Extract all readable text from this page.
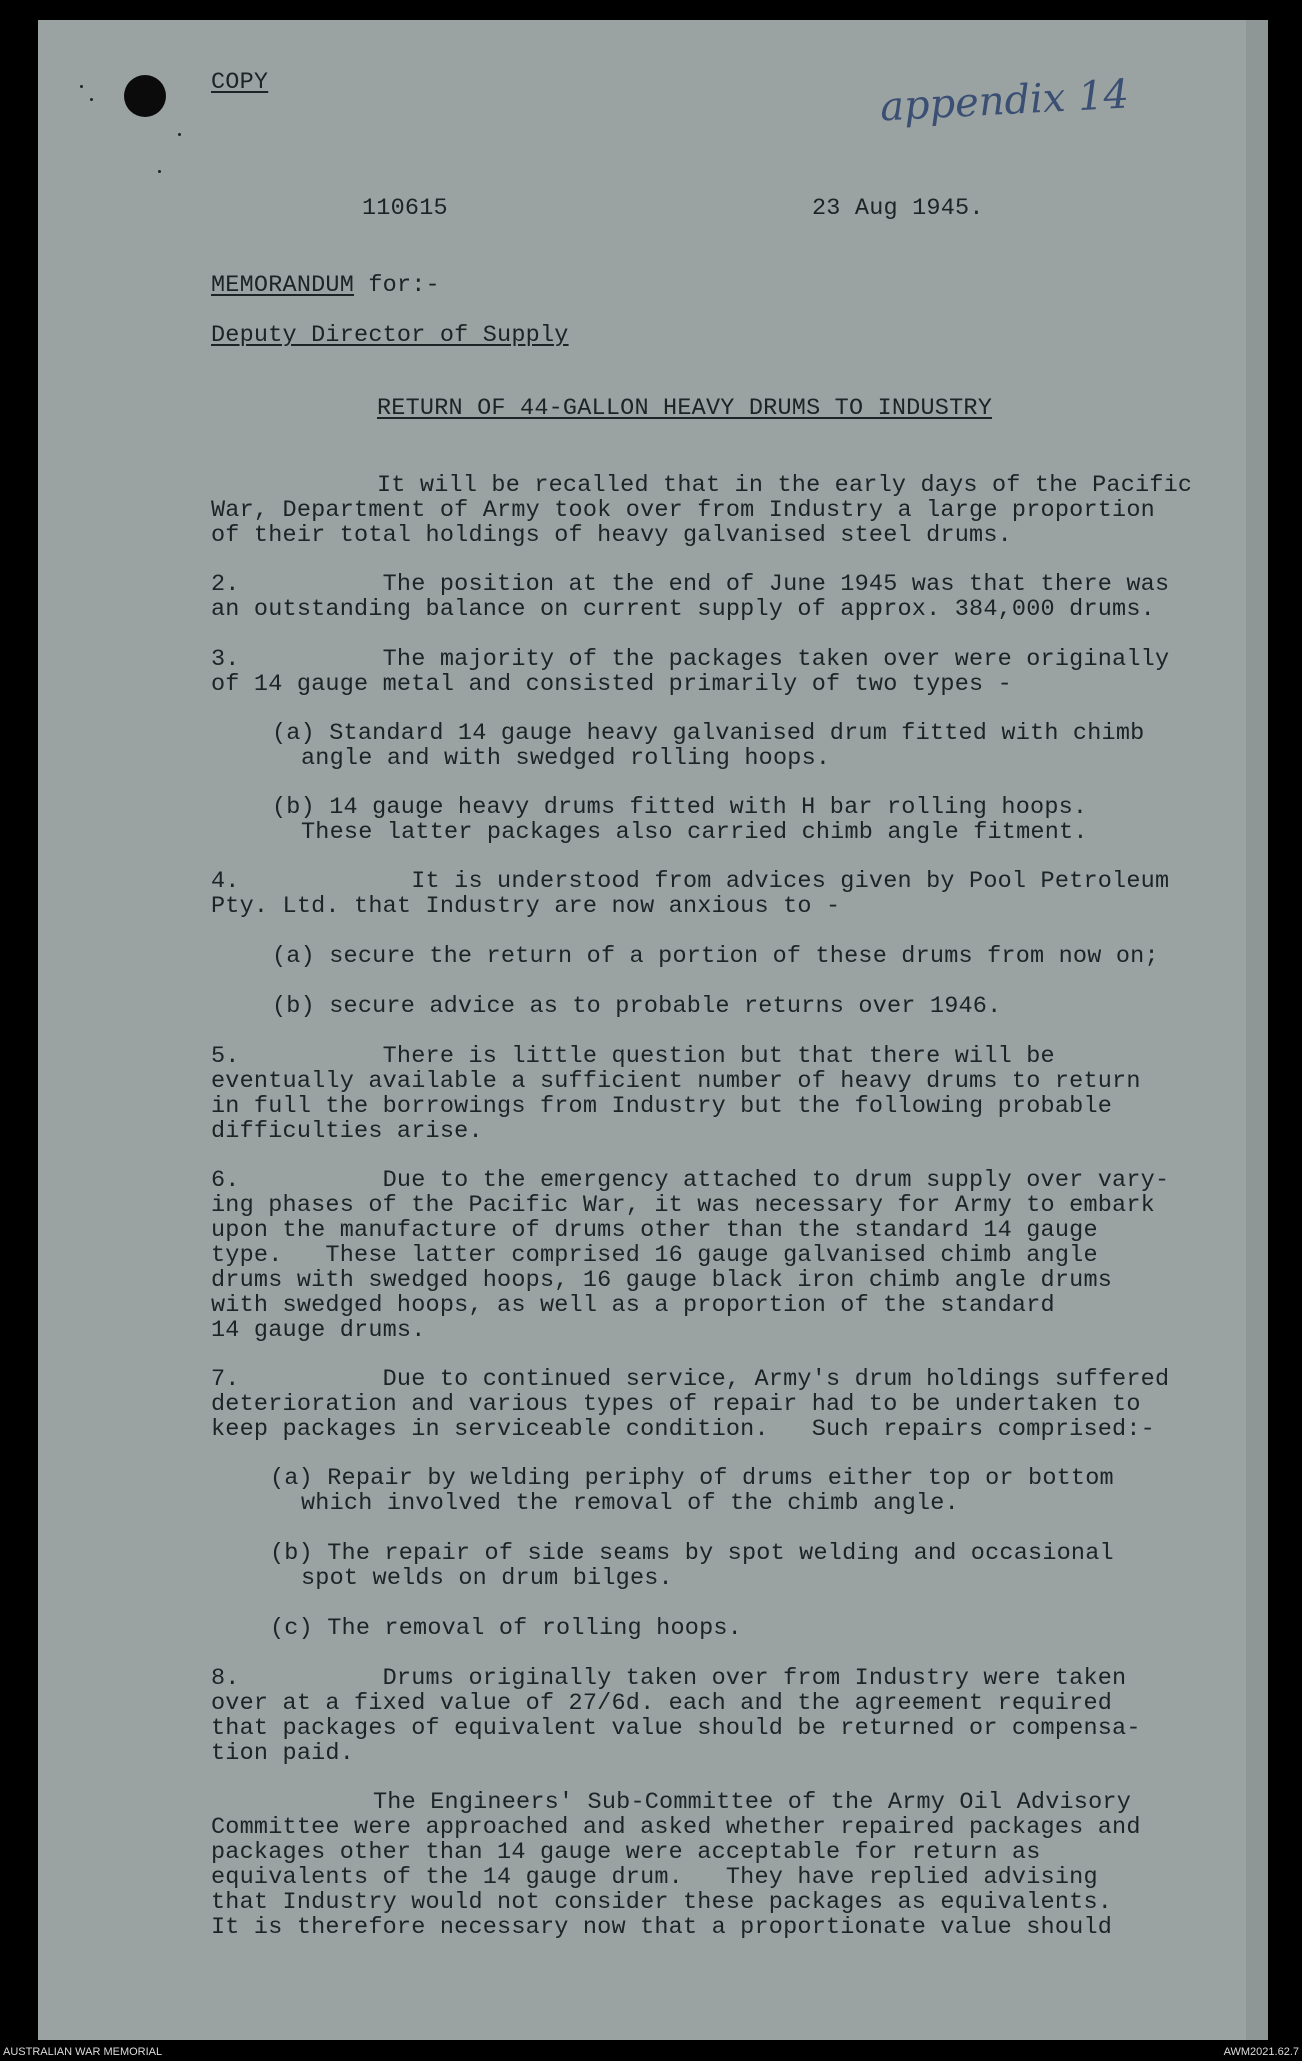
COPY	appendix 14
110615	23 Aug 1945.
MEMORANDUM for:-
Deputy Director of Supply
RETURN OF 44-GALLON HEAVY DRUMS TO INDUSTRY
It will be recalled that in the early days of the Pacific
War, Department of Army took over from Industry a large proportion
of their total holdings of heavy galvanised steel drums.
2.          The position at the end of June 1945 was that there was
an outstanding balance on current supply of approx. 384,000 drums.
3.          The majority of the packages taken over were originally
of 14 gauge metal and consisted primarily of two types -
(a) Standard 14 gauge heavy galvanised drum fitted with chimb
angle and with swedged rolling hoops.
(b) 14 gauge heavy drums fitted with H bar rolling hoops.
These latter packages also carried chimb angle fitment.
4.            It is understood from advices given by Pool Petroleum
Pty. Ltd. that Industry are now anxious to -
(a) secure the return of a portion of these drums from now on;
(b) secure advice as to probable returns over 1946.
5.          There is little question but that there will be
eventually available a sufficient number of heavy drums to return
in full the borrowings from Industry but the following probable
difficulties arise.
6.          Due to the emergency attached to drum supply over vary-
ing phases of the Pacific War, it was necessary for Army to embark
upon the manufacture of drums other than the standard 14 gauge
type.   These latter comprised 16 gauge galvanised chimb angle
drums with swedged hoops, 16 gauge black iron chimb angle drums
with swedged hoops, as well as a proportion of the standard
14 gauge drums.
7.          Due to continued service, Army's drum holdings suffered
deterioration and various types of repair had to be undertaken to
keep packages in serviceable condition.   Such repairs comprised:-
(a) Repair by welding periphy of drums either top or bottom
which involved the removal of the chimb angle.
(b) The repair of side seams by spot welding and occasional
spot welds on drum bilges.
(c) The removal of rolling hoops.
8.          Drums originally taken over from Industry were taken
over at a fixed value of 27/6d. each and the agreement required
that packages of equivalent value should be returned or compensa-
tion paid.
The Engineers' Sub-Committee of the Army Oil Advisory
Committee were approached and asked whether repaired packages and
packages other than 14 gauge were acceptable for return as
equivalents of the 14 gauge drum.   They have replied advising
that Industry would not consider these packages as equivalents.
It is therefore necessary now that a proportionate value should
AUSTRALIAN WAR MEMORIAL	AWM2021.62.7
